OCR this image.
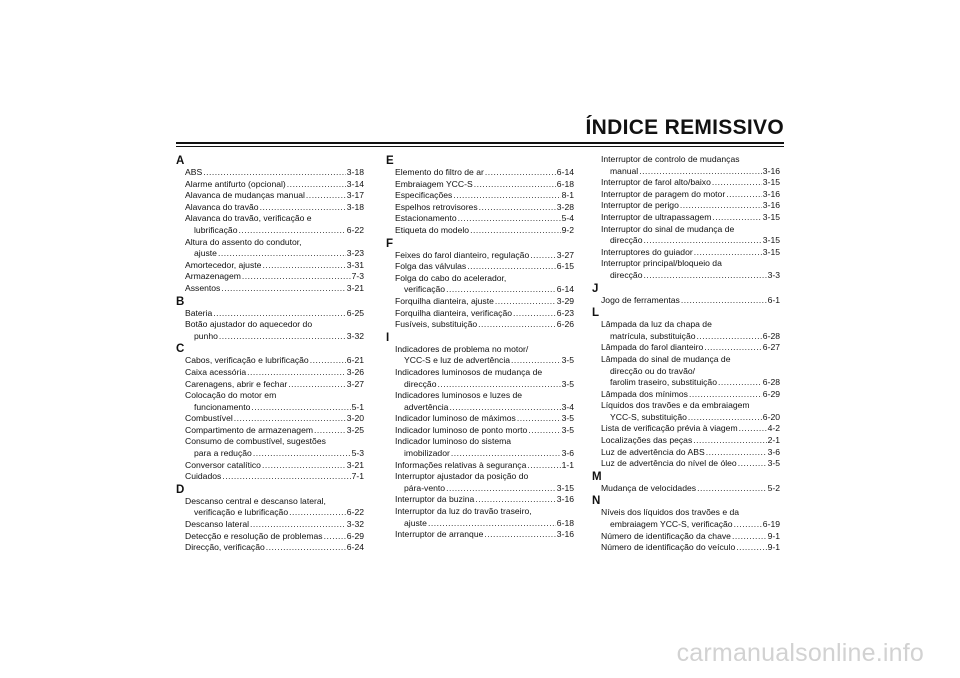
ÍNDICE REMISSIVO
A
ABS .....	3-18
Alarme antifurto (opcional) .....	3-14
Alavanca de mudanças manual .....	3-17
Alavanca do travão .....	3-18
Alavanca do travão, verificação e
lubrificação .....	6-22
Altura do assento do condutor,
ajuste .....	3-23
Amortecedor, ajuste .....	3-31
Armazenagem .....	7-3
Assentos .....	3-21
B
Bateria .....	6-25
Botão ajustador do aquecedor do
punho .....	3-32
C
Cabos, verificação e lubrificação .....	6-21
Caixa acessória .....	3-26
Carenagens, abrir e fechar .....	3-27
Colocação do motor em
funcionamento .....	5-1
Combustível .....	3-20
Compartimento de armazenagem .....	3-25
Consumo de combustível, sugestões
para a redução .....	5-3
Conversor catalítico .....	3-21
Cuidados .....	7-1
D
Descanso central e descanso lateral,
verificação e lubrificação .....	6-22
Descanso lateral .....	3-32
Detecção e resolução de problemas .....	6-29
Direcção, verificação .....	6-24
E
Elemento do filtro de ar .....	6-14
Embraiagem YCC-S .....	6-18
Especificações .....	8-1
Espelhos retrovisores .....	3-28
Estacionamento .....	5-4
Etiqueta do modelo .....	9-2
F
Feixes do farol dianteiro, regulação .....	3-27
Folga das válvulas .....	6-15
Folga do cabo do acelerador,
verificação .....	6-14
Forquilha dianteira, ajuste .....	3-29
Forquilha dianteira, verificação .....	6-23
Fusíveis, substituição .....	6-26
I
Indicadores de problema no motor/
YCC-S e luz de advertência .....	3-5
Indicadores luminosos de mudança de
direcção .....	3-5
Indicadores luminosos e luzes de
advertência .....	3-4
Indicador luminoso de máximos .....	3-5
Indicador luminoso de ponto morto .....	3-5
Indicador luminoso do sistema
imobilizador .....	3-6
Informações relativas à segurança .....	1-1
Interruptor ajustador da posição do
pára-vento .....	3-15
Interruptor da buzina .....	3-16
Interruptor da luz do travão traseiro,
ajuste .....	6-18
Interruptor de arranque .....	3-16
Interruptor de controlo de mudanças
manual .....	3-16
Interruptor de farol alto/baixo .....	3-15
Interruptor de paragem do motor .....	3-16
Interruptor de perigo .....	3-16
Interruptor de ultrapassagem .....	3-15
Interruptor do sinal de mudança de
direcção .....	3-15
Interruptores do guiador .....	3-15
Interruptor principal/bloqueio da
direcção .....	3-3
J
Jogo de ferramentas .....	6-1
L
Lâmpada da luz da chapa de
matrícula, substituição .....	6-28
Lâmpada do farol dianteiro .....	6-27
Lâmpada do sinal de mudança de
direcção ou do travão/
farolim traseiro, substituição .....	6-28
Lâmpada dos mínimos .....	6-29
Líquidos dos travões e da embraiagem
YCC-S, substituição .....	6-20
Lista de verificação prévia à viagem .....	4-2
Localizações das peças .....	2-1
Luz de advertência do ABS .....	3-6
Luz de advertência do nível de óleo .....	3-5
M
Mudança de velocidades .....	5-2
N
Níveis dos líquidos dos travões e da
embraiagem YCC-S, verificação .....	6-19
Número de identificação da chave .....	9-1
Número de identificação do veículo .....	9-1
carmanualsonline.info
